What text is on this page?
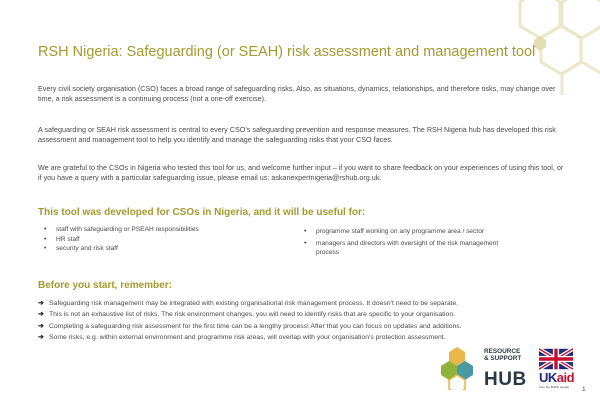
RSH Nigeria: Safeguarding (or SEAH) risk assessment and management tool

Every civil society organisation (CSO) faces a broad range of safeguarding risks. Also, as situations, dynamics, relationships, and therefore risks, may change over time, a risk assessment is a continuing process (not a one-off exercise).

A safeguarding or SEAH risk assessment is central to every CSO’s safeguarding prevention and response measures. The RSH Nigeria hub has developed this risk assessment and management tool to help you identify and manage the safeguarding risks that your CSO faces.

We are grateful to the CSOs in Nigeria who tested this tool for us, and welcome further input – if you want to share feedback on your experiences of using this tool, or if you have a query with a particular safeguarding issue, please email us: askanexpertnigeria@rshub.org.uk.

This tool was developed for CSOs in Nigeria, and it will be useful for:
• staff with safeguarding or PSEAH responsibilities
• HR staff
• security and risk staff
• programme staff working on any programme area / sector
• managers and directors with oversight of the risk management process
Before you start, remember:
➔ Safeguarding risk management may be integrated with existing organisational risk management process. It doesn’t need to be separate.
➔ This is not an exhaustive list of risks. The risk environment changes, you will need to identify risks that are specific to your organisation.
➔ Completing a safeguarding risk assessment for the first time can be a lengthy process! After that you can focus on updates and additions.
➔ Some risks, e.g. within external environment and programme risk areas, will overlap with your organisation’s protection assessment.
RESOURCE
& SUPPORT
HUB UKaid
from the British people 1
